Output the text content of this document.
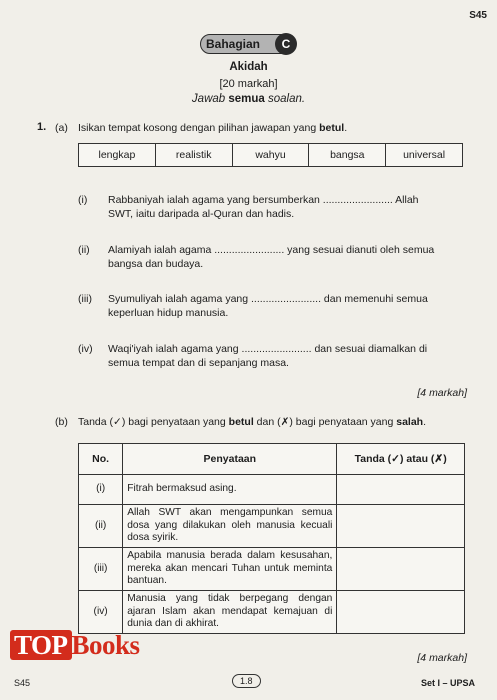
S45
Bahagian	C
Akidah
[20 markah]
Jawab semua soalan.
1. (a) Isikan tempat kosong dengan pilihan jawapan yang betul.
lengkap	realistik	wahyu	bangsa	universal
(i) Rabbaniyah ialah agama yang bersumberkan ........................ Allah
SWT, iaitu daripada al-Quran dan hadis.
(ii) Alamiyah ialah agama ........................ yang sesuai dianuti oleh semua
bangsa dan budaya.
(iii) Syumuliyah ialah agama yang ........................ dan memenuhi semua
keperluan hidup manusia.
(iv) Waqi'iyah ialah agama yang ........................ dan sesuai diamalkan di
semua tempat dan di sepanjang masa.
[4 markah]
(b) Tanda (✓) bagi penyataan yang betul dan (✗) bagi penyataan yang salah.
No.	Penyataan	Tanda (✓) atau (✗)
(i)	Fitrah bermaksud asing.	
(ii)	Allah SWT akan mengampunkan semua dosa yang dilakukan oleh manusia kecuali dosa syirik.	
(iii)	Apabila manusia berada dalam kesusahan, mereka akan mencari Tuhan untuk meminta bantuan.	
(iv)	Manusia yang tidak berpegang dengan ajaran Islam akan mendapat kemajuan di dunia dan di akhirat.	
[4 markah]
TOP Books
S45	1.8	Set I – UPSA
